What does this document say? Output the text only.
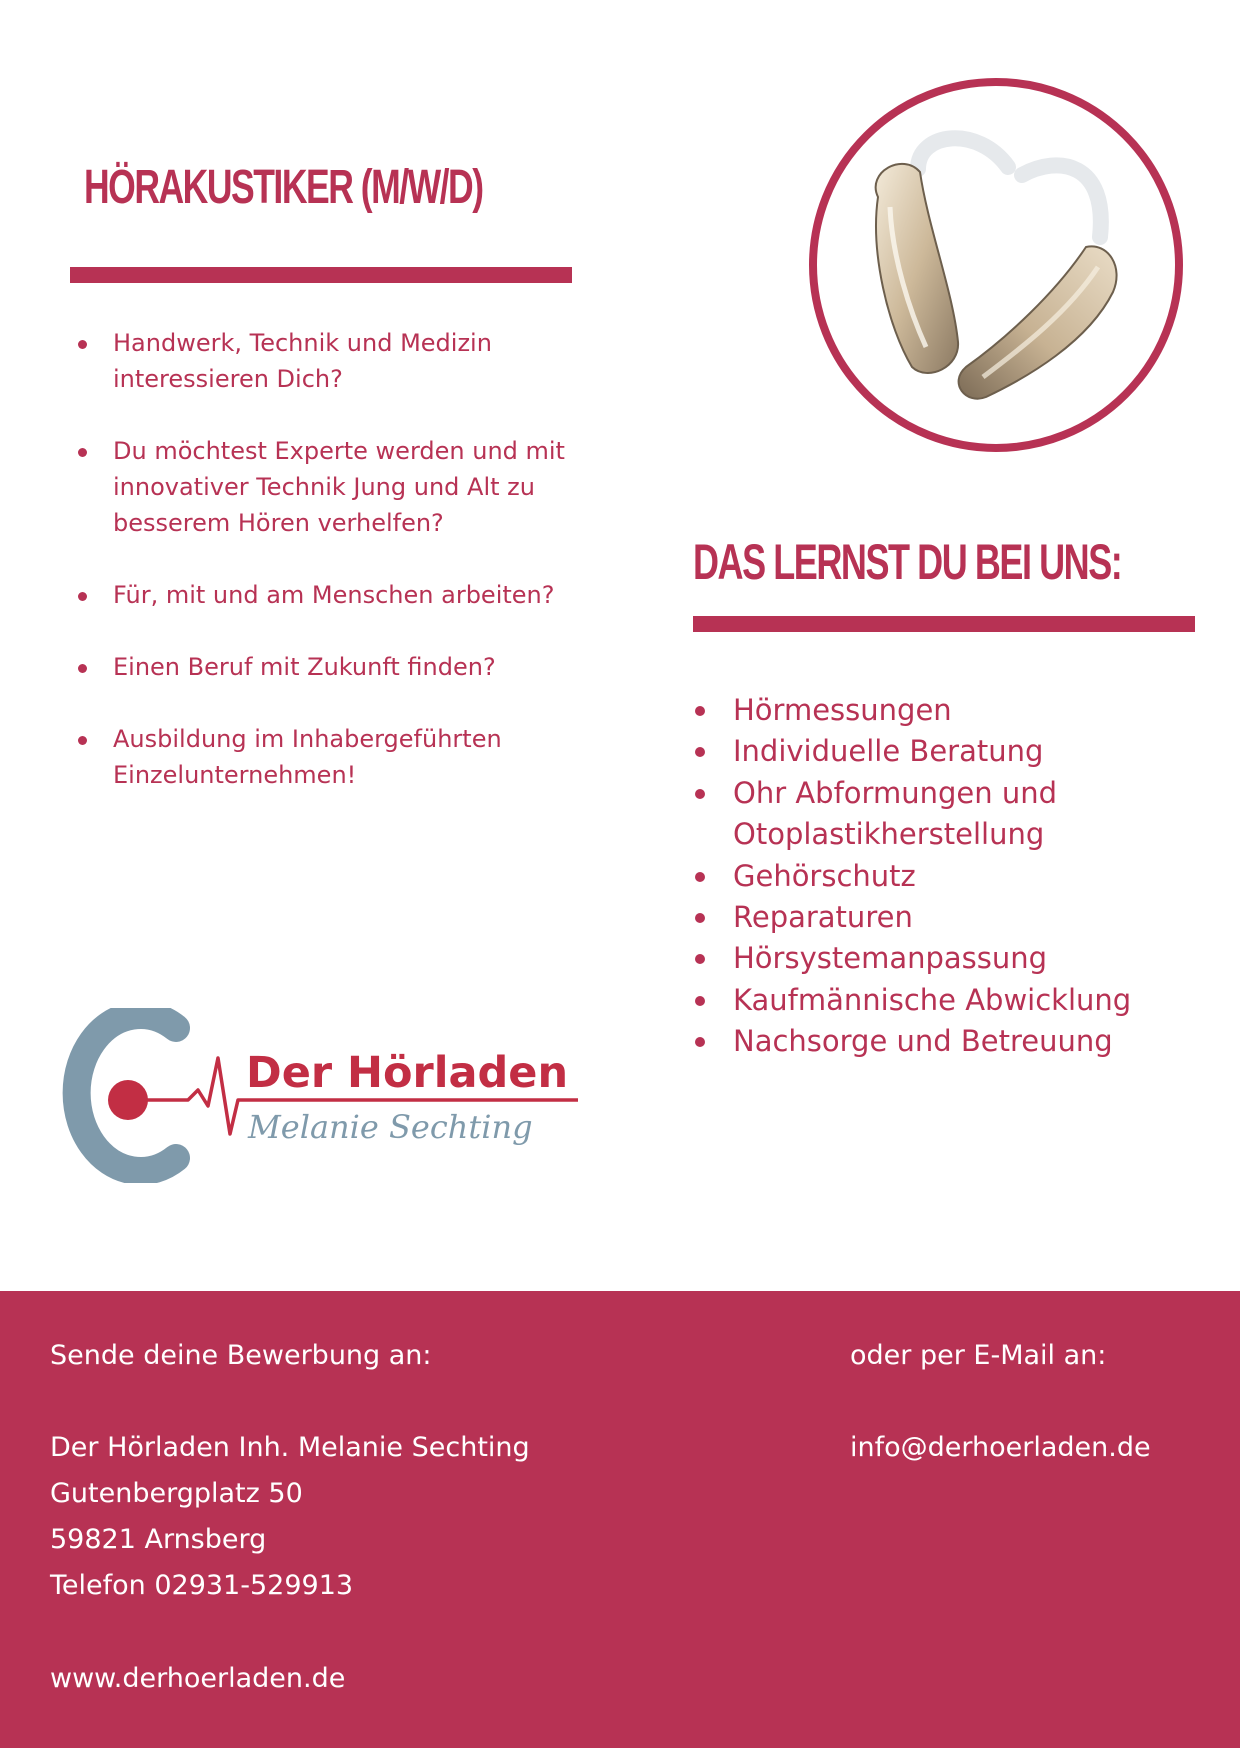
HÖRAKUSTIKER (M/W/D)
Handwerk, Technik und Medizin interessieren Dich?
Du möchtest Experte werden und mit innovativer Technik Jung und Alt zu besserem Hören verhelfen?
Für, mit und am Menschen arbeiten?
Einen Beruf mit Zukunft finden?
Ausbildung im Inhabergeführten Einzelunternehmen!
DAS LERNST DU BEI UNS:
Hörmessungen
Individuelle Beratung
Ohr Abformungen und Otoplastikherstellung
Gehörschutz
Reparaturen
Hörsystemanpassung
Kaufmännische Abwicklung
Nachsorge und Betreuung
Der Hörladen
Melanie Sechting
Sende deine Bewerbung an:
Der Hörladen Inh. Melanie Sechting
Gutenbergplatz 50
59821 Arnsberg
Telefon 02931-529913
www.derhoerladen.de
oder per E-Mail an:
info@derhoerladen.de
